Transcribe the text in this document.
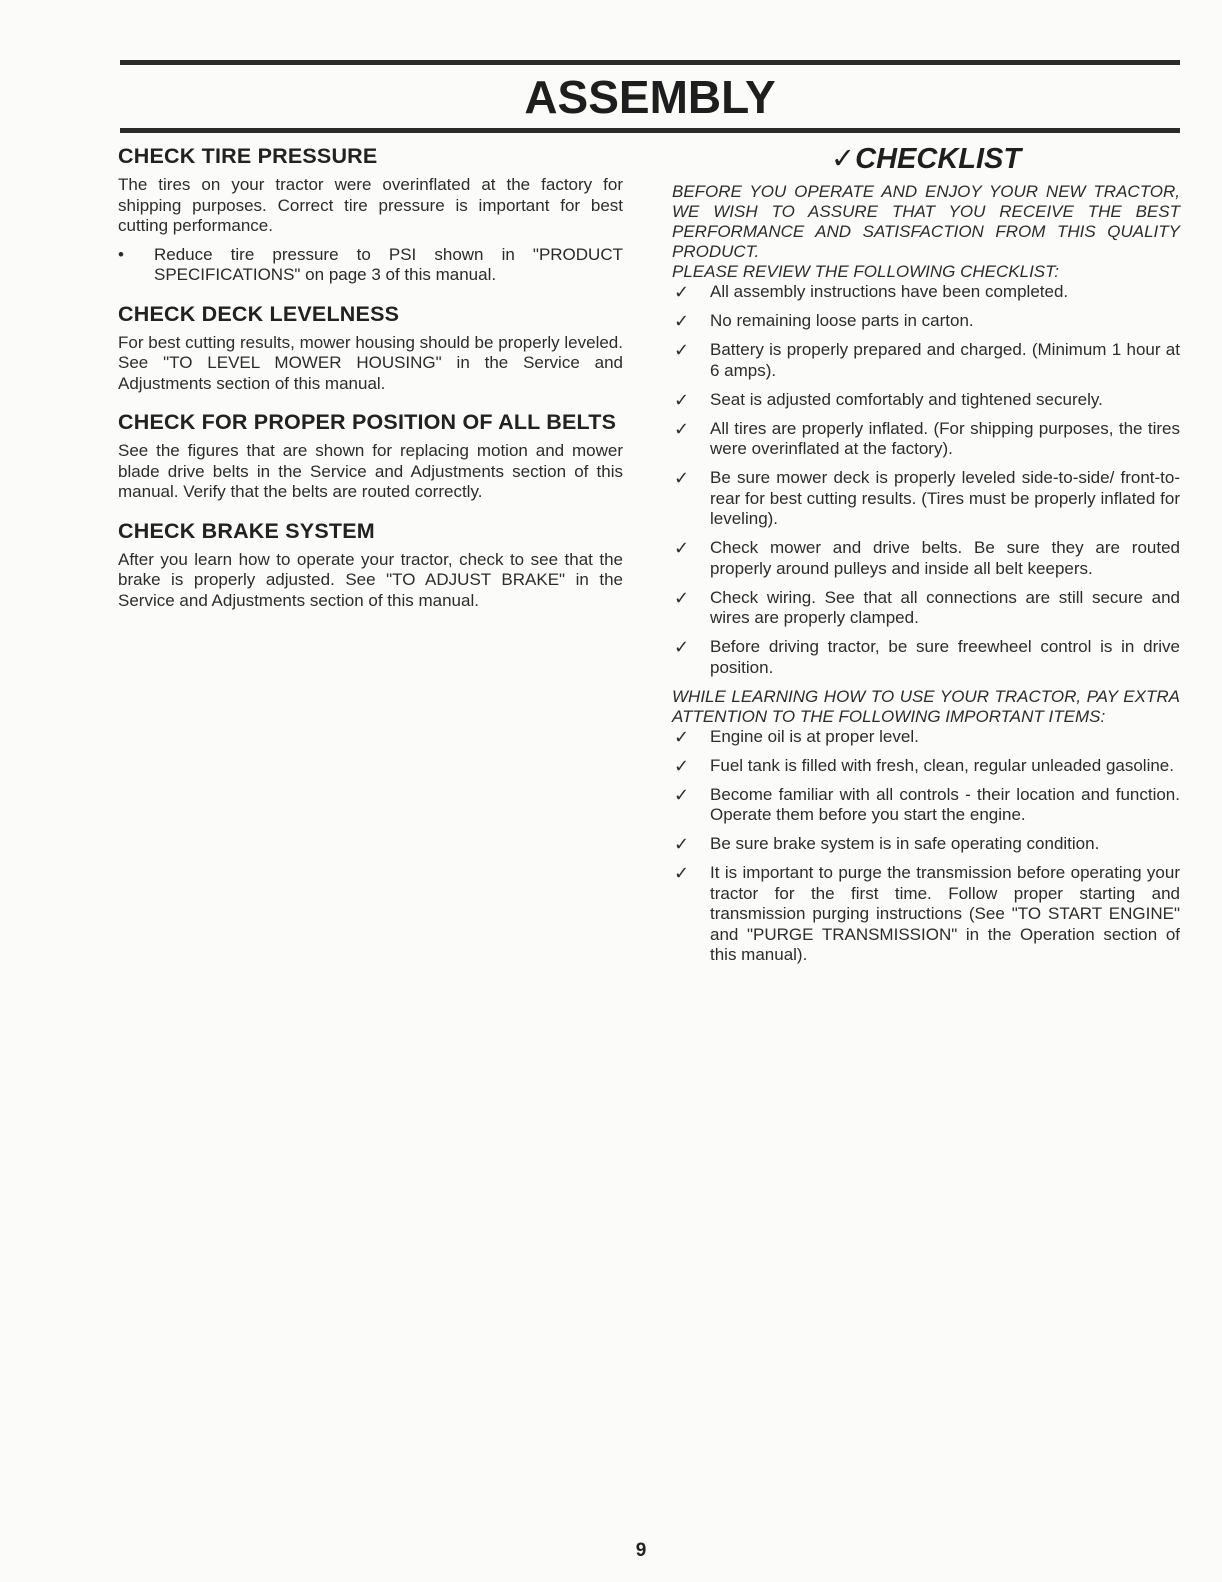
ASSEMBLY
CHECK TIRE PRESSURE

The tires on your tractor were overinflated at the factory for shipping purposes. Correct tire pressure is important for best cutting performance.

•	Reduce tire pressure to PSI shown in "PRODUCT SPECIFICATIONS" on page 3 of this manual.
CHECK DECK LEVELNESS

For best cutting results, mower housing should be properly leveled. See "TO LEVEL MOWER HOUSING" in the Service and Adjustments section of this manual.

CHECK FOR PROPER POSITION OF ALL BELTS

See the figures that are shown for replacing motion and mower blade drive belts in the Service and Adjustments section of this manual. Verify that the belts are routed correctly.

CHECK BRAKE SYSTEM

After you learn how to operate your tractor, check to see that the brake is properly adjusted. See "TO ADJUST BRAKE" in the Service and Adjustments section of this manual.

✓CHECKLIST

BEFORE YOU OPERATE AND ENJOY YOUR NEW TRACTOR, WE WISH TO ASSURE THAT YOU RECEIVE THE BEST PERFORMANCE AND SATISFACTION FROM THIS QUALITY PRODUCT.

PLEASE REVIEW THE FOLLOWING CHECKLIST:

✓	All assembly instructions have been completed.
✓	No remaining loose parts in carton.
✓	Battery is properly prepared and charged. (Minimum 1 hour at 6 amps).
✓	Seat is adjusted comfortably and tightened securely.
✓	All tires are properly inflated. (For shipping purposes, the tires were overinflated at the factory).
✓	Be sure mower deck is properly leveled side-to-side/ front-to-rear for best cutting results. (Tires must be properly inflated for leveling).
✓	Check mower and drive belts. Be sure they are routed properly around pulleys and inside all belt keepers.
✓	Check wiring. See that all connections are still secure and wires are properly clamped.
✓	Before driving tractor, be sure freewheel control is in drive position.

WHILE LEARNING HOW TO USE YOUR TRACTOR, PAY EXTRA ATTENTION TO THE FOLLOWING IMPORTANT ITEMS:

✓	Engine oil is at proper level.
✓	Fuel tank is filled with fresh, clean, regular unleaded gasoline.
✓	Become familiar with all controls - their location and function. Operate them before you start the engine.
✓	Be sure brake system is in safe operating condition.
✓	It is important to purge the transmission before operating your tractor for the first time. Follow proper starting and transmission purging instructions (See "TO START ENGINE" and "PURGE TRANSMISSION" in the Operation section of this manual).
9
